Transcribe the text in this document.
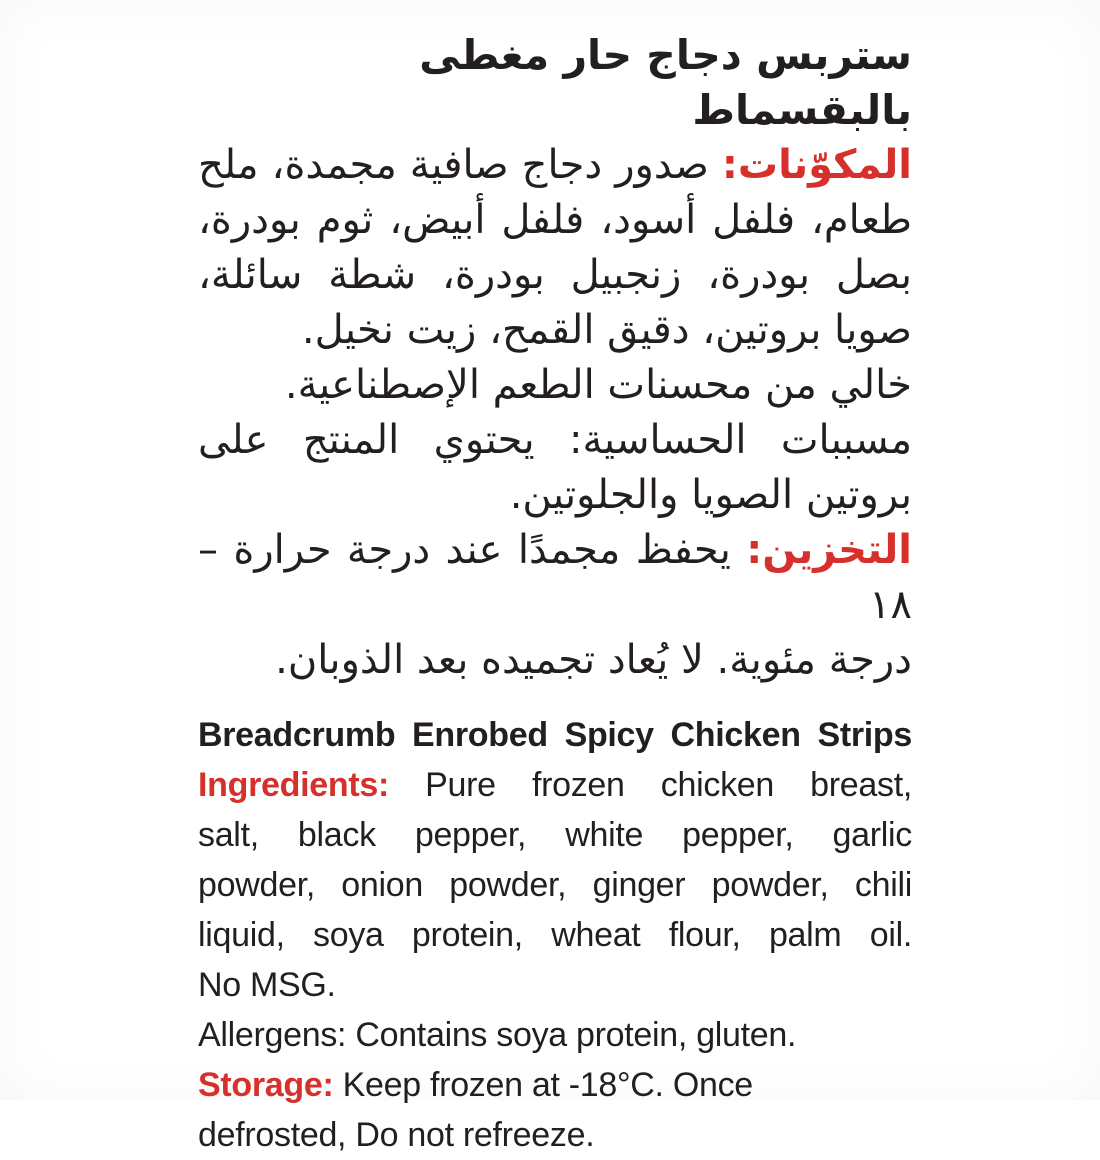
ستربس دجاج حار مغطى بالبقسماط
المكوّنات: صدور دجاج صافية مجمدة، ملح
طعام، فلفل أسود، فلفل أبيض، ثوم بودرة،
بصل بودرة، زنجبيل بودرة، شطة سائلة،
صويا بروتين، دقيق القمح، زيت نخيل.
خالي من محسنات الطعم الإصطناعية.
مسببات الحساسية: يحتوي المنتج على
بروتين الصويا والجلوتين.
التخزين: يحفظ مجمدًا عند درجة حرارة – ١٨
درجة مئوية. لا يُعاد تجميده بعد الذوبان.
Breadcrumb Enrobed Spicy Chicken Strips
Ingredients: Pure frozen chicken breast,
salt, black pepper, white pepper, garlic
powder, onion powder, ginger powder, chili
liquid, soya protein, wheat flour, palm oil.
No MSG.
Allergens: Contains soya protein, gluten.
Storage: Keep frozen at -18°C. Once
defrosted, Do not refreeze.
